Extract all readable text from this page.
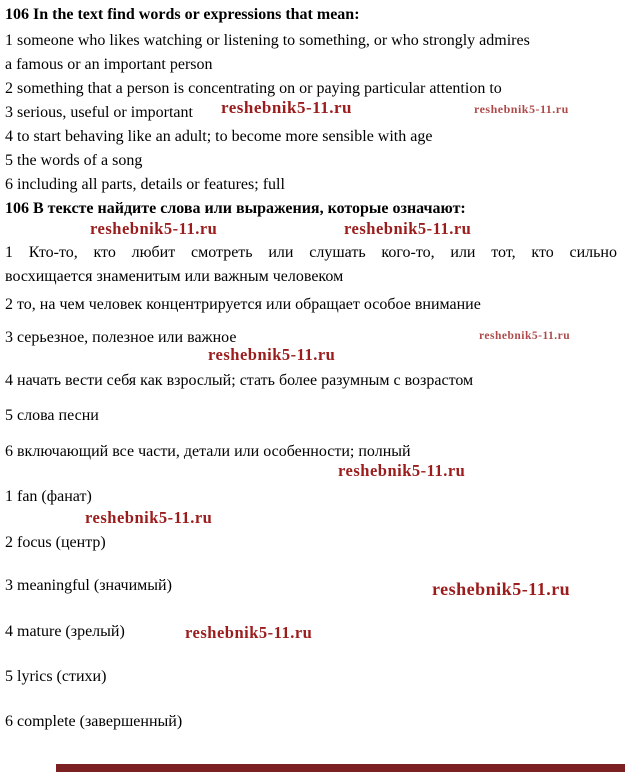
106 In the text find words or expressions that mean:
1 someone who likes watching or listening to something, or who strongly admires
a famous or an important person
2 something that a person is concentrating on or paying particular attention to
3 serious, useful or important reshebnik5-11.ru	reshebnik5-11.ru
4 to start behaving like an adult; to become more sensible with age
5 the words of a song
6 including all parts, details or features; full
106 В тексте найдите слова или выражения, которые означают:
reshebnik5-11.ru	reshebnik5-11.ru
1 Кто-то, кто любит смотреть или слушать кого-то, или тот, кто сильно
восхищается знаменитым или важным человеком
2 то, на чем человек концентрируется или обращает особое внимание
3 серьезное, полезное или важное	reshebnik5-11.ru
reshebnik5-11.ru
4 начать вести себя как взрослый; стать более разумным с возрастом
5 слова песни
6 включающий все части, детали или особенности; полный
reshebnik5-11.ru
1 fan (фанат)
reshebnik5-11.ru
2 focus (центр)
3 meaningful (значимый)	reshebnik5-11.ru
4 mature (зрелый)	reshebnik5-11.ru
5 lyrics (стихи)
6 complete (завершенный)
